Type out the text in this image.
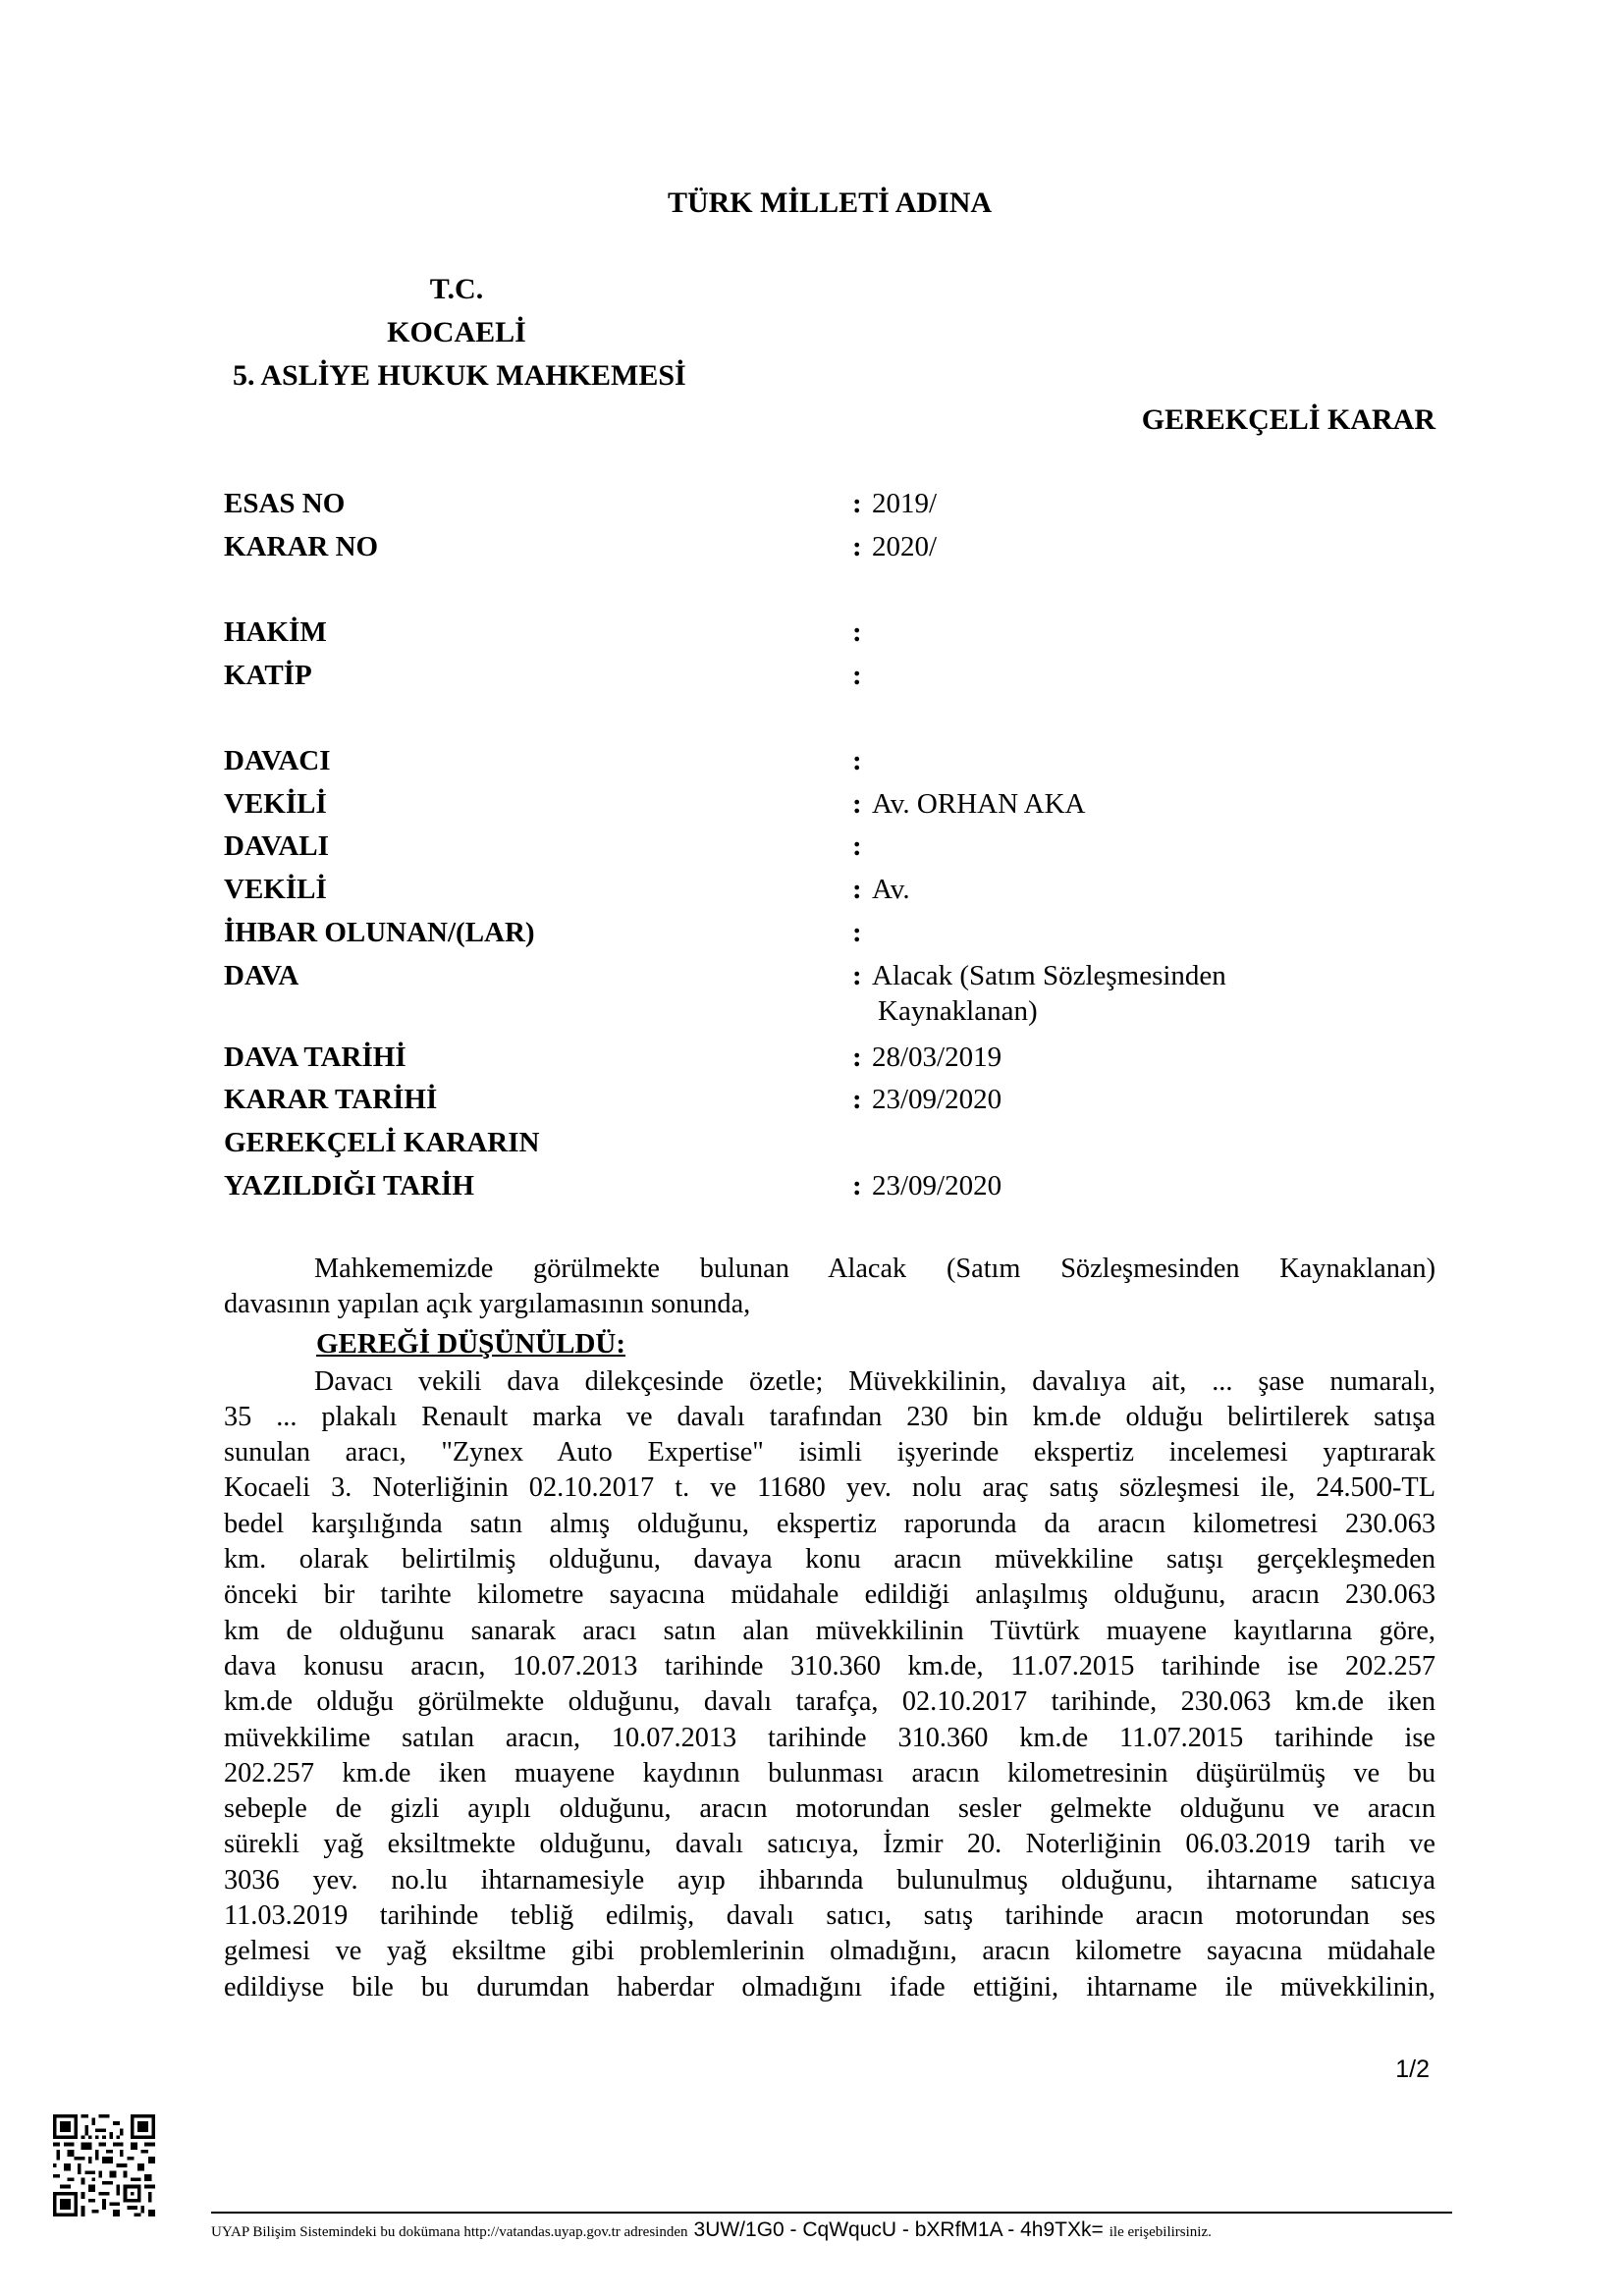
TÜRK MİLLETİ ADINA
T.C.
KOCAELİ
5. ASLİYE HUKUK MAHKEMESİ
GEREKÇELİ KARAR
ESAS NO	: 2019/
KARAR NO	: 2020/
HAKİM	:
KATİP	:
DAVACI	:
VEKİLİ	: Av. ORHAN AKA
DAVALI	:
VEKİLİ	: Av.
İHBAR OLUNAN/(LAR)	:
DAVA	: Alacak (Satım Sözleşmesinden
Kaynaklanan)
DAVA TARİHİ	: 28/03/2019
KARAR TARİHİ	: 23/09/2020
GEREKÇELİ KARARIN
YAZILDIĞI TARİH	: 23/09/2020

Mahkememizde görülmekte bulunan Alacak (Satım Sözleşmesinden Kaynaklanan)

davasının yapılan açık yargılamasının sonunda,

GEREĞİ DÜŞÜNÜLDÜ:

Davacı vekili dava dilekçesinde özetle; Müvekkilinin, davalıya ait, ... şase numaralı,

35 ... plakalı Renault marka ve davalı tarafından 230 bin km.de olduğu belirtilerek satışa

sunulan aracı, "Zynex Auto Expertise" isimli işyerinde ekspertiz incelemesi yaptırarak

Kocaeli 3. Noterliğinin 02.10.2017 t. ve 11680 yev. nolu araç satış sözleşmesi ile, 24.500-TL

bedel karşılığında satın almış olduğunu, ekspertiz raporunda da aracın kilometresi 230.063

km. olarak belirtilmiş olduğunu, davaya konu aracın müvekkiline satışı gerçekleşmeden

önceki bir tarihte kilometre sayacına müdahale edildiği anlaşılmış olduğunu, aracın 230.063

km de olduğunu sanarak aracı satın alan müvekkilinin Tüvtürk muayene kayıtlarına göre,

dava konusu aracın, 10.07.2013 tarihinde 310.360 km.de, 11.07.2015 tarihinde ise 202.257

km.de olduğu görülmekte olduğunu, davalı tarafça, 02.10.2017 tarihinde, 230.063 km.de iken

müvekkilime satılan aracın, 10.07.2013 tarihinde 310.360 km.de 11.07.2015 tarihinde ise

202.257 km.de iken muayene kaydının bulunması aracın kilometresinin düşürülmüş ve bu

sebeple de gizli ayıplı olduğunu, aracın motorundan sesler gelmekte olduğunu ve aracın

sürekli yağ eksiltmekte olduğunu, davalı satıcıya, İzmir 20. Noterliğinin 06.03.2019 tarih ve

3036 yev. no.lu ihtarnamesiyle ayıp ihbarında bulunulmuş olduğunu, ihtarname satıcıya

11.03.2019 tarihinde tebliğ edilmiş, davalı satıcı, satış tarihinde aracın motorundan ses

gelmesi ve yağ eksiltme gibi problemlerinin olmadığını, aracın kilometre sayacına müdahale

edildiyse bile bu durumdan haberdar olmadığını ifade ettiğini, ihtarname ile müvekkilinin,

1/2
UYAP Bilişim Sistemindeki bu dokümana http://vatandas.uyap.gov.tr adresinden 3UW/1G0 - CqWqucU - bXRfM1A - 4h9TXk= ile erişebilirsiniz.
